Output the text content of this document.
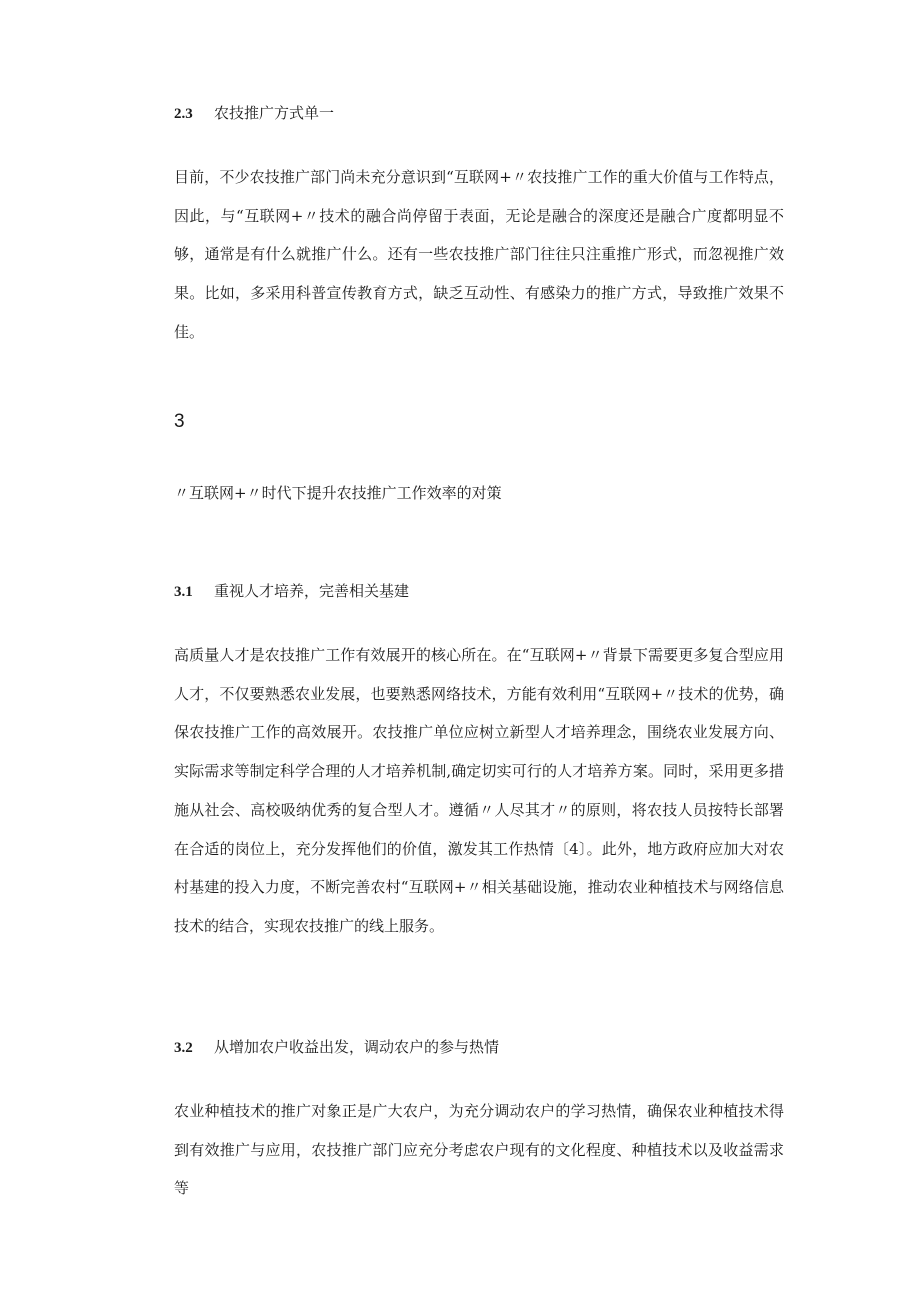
2.3 农技推广方式单一

目前，不少农技推广部门尚未充分意识到“互联网+〃农技推广工作的重大价值与工作特点，因此，与“互联网+〃技术的融合尚停留于表面，无论是融合的深度还是融合广度都明显不够，通常是有什么就推广什么。还有一些农技推广部门往往只注重推广形式，而忽视推广效果。比如，多采用科普宣传教育方式，缺乏互动性、有感染力的推广方式，导致推广效果不佳。

3
〃互联网+〃时代下提升农技推广工作效率的对策
3.1 重视人才培养，完善相关基建

高质量人才是农技推广工作有效展开的核心所在。在“互联网+〃背景下需要更多复合型应用人才，不仅要熟悉农业发展，也要熟悉网络技术，方能有效利用“互联网+〃技术的优势，确保农技推广工作的高效展开。农技推广单位应树立新型人才培养理念，围绕农业发展方向、实际需求等制定科学合理的人才培养机制,确定切实可行的人才培养方案。同时，采用更多措施从社会、高校吸纳优秀的复合型人才。遵循〃人尽其才〃的原则，将农技人员按特长部署在合适的岗位上，充分发挥他们的价值，激发其工作热情〔4〕。此外，地方政府应加大对农村基建的投入力度，不断完善农村“互联网+〃相关基础设施，推动农业种植技术与网络信息技术的结合，实现农技推广的线上服务。

3.2 从增加农户收益出发，调动农户的参与热情

农业种植技术的推广对象正是广大农户，为充分调动农户的学习热情，确保农业种植技术得到有效推广与应用，农技推广部门应充分考虑农户现有的文化程度、种植技术以及收益需求等
